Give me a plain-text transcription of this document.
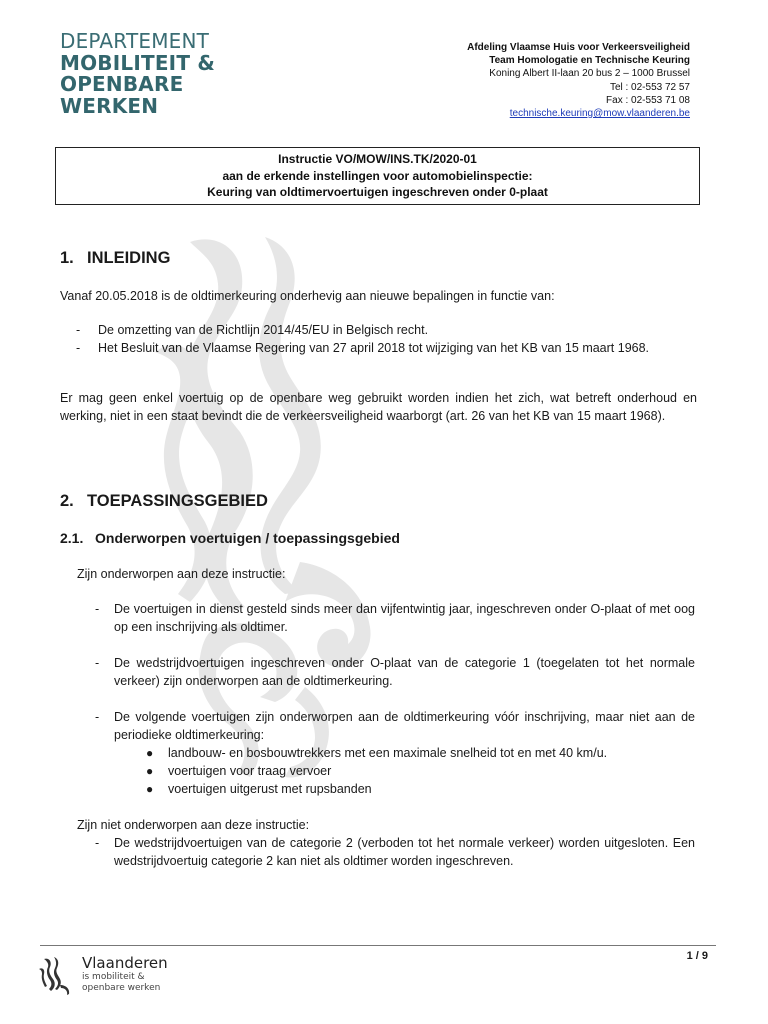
DEPARTEMENT
MOBILITEIT &
OPENBARE
WERKEN
Afdeling Vlaamse Huis voor Verkeersveiligheid
Team Homologatie en Technische Keuring
Koning Albert II-laan 20 bus 2 – 1000 Brussel
Tel : 02-553 72 57
Fax : 02-553 71 08
technische.keuring@mow.vlaanderen.be
Instructie VO/MOW/INS.TK/2020-01
aan de erkende instellingen voor automobielinspectie:
Keuring van oldtimervoertuigen ingeschreven onder 0-plaat
1. INLEIDING

Vanaf 20.05.2018 is de oldtimerkeuring onderhevig aan nieuwe bepalingen in functie van:

- De omzetting van de Richtlijn 2014/45/EU in Belgisch recht.
- Het Besluit van de Vlaamse Regering van 27 april 2018 tot wijziging van het KB van 15 maart 1968.

Er mag geen enkel voertuig op de openbare weg gebruikt worden indien het zich, wat betreft onderhoud en werking, niet in een staat bevindt die de verkeersveiligheid waarborgt (art. 26 van het KB van 15 maart 1968).

2. TOEPASSINGSGEBIED
2.1. Onderworpen voertuigen / toepassingsgebied

Zijn onderworpen aan deze instructie:

- De voertuigen in dienst gesteld sinds meer dan vijfentwintig jaar, ingeschreven onder O-plaat of met oog op een inschrijving als oldtimer.
- De wedstrijdvoertuigen ingeschreven onder O-plaat van de categorie 1 (toegelaten tot het normale verkeer) zijn onderworpen aan de oldtimerkeuring.
- De volgende voertuigen zijn onderworpen aan de oldtimerkeuring vóór inschrijving, maar niet aan de periodieke oldtimerkeuring:
● landbouw- en bosbouwtrekkers met een maximale snelheid tot en met 40 km/u.
● voertuigen voor traag vervoer
● voertuigen uitgerust met rupsbanden

Zijn niet onderworpen aan deze instructie:

- De wedstrijdvoertuigen van de categorie 2 (verboden tot het normale verkeer) worden uitgesloten. Een wedstrijdvoertuig categorie 2 kan niet als oldtimer worden ingeschreven.
Vlaanderen
is mobiliteit &
openbare werken
1 / 9
